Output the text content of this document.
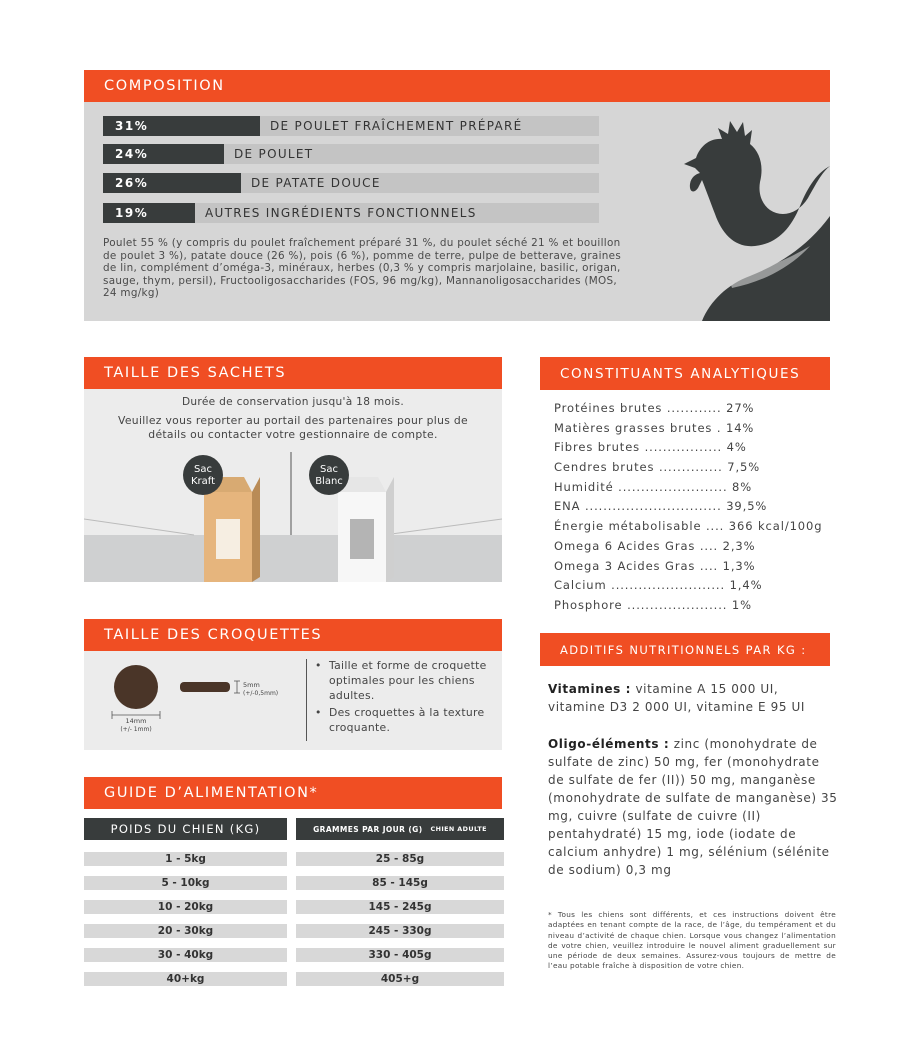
COMPOSITION
31%	DE POULET FRAÎCHEMENT PRÉPARÉ
24%	DE POULET
26%	DE PATATE DOUCE
19%	AUTRES INGRÉDIENTS FONCTIONNELS

Poulet 55 % (y compris du poulet fraîchement préparé 31 %, du poulet séché 21 % et bouillon de poulet 3 %), patate douce (26 %), pois (6 %), pomme de terre, pulpe de betterave, graines de lin, complément d’oméga-3, minéraux, herbes (0,3 % y compris marjolaine, basilic, origan, sauge, thym, persil), Fructooligosaccharides (FOS, 96 mg/kg), Mannanoligosaccharides (MOS, 24 mg/kg)

TAILLE DES SACHETS
Durée de conservation jusqu'à 18 mois.
Veuillez vous reporter au portail des partenaires pour plus de détails ou contacter votre gestionnaire de compte.
Sac
Kraft
Sac
Blanc
TAILLE DES CROQUETTES
14mm
(+/- 1mm)
5mm
(+/-0,5mm)
• Taille et forme de croquette optimales pour les chiens adultes.
• Des croquettes à la texture croquante.
GUIDE D’ALIMENTATION*
POIDS DU CHIEN (KG)	GRAMMES PAR JOUR (G) CHIEN ADULTE
1 - 5kg	25 - 85g
5 - 10kg	85 - 145g
10 - 20kg	145 - 245g
20 - 30kg	245 - 330g
30 - 40kg	330 - 405g
40+kg	405+g
CONSTITUANTS ANALYTIQUES
Protéines brutes ............ 27%
Matières grasses brutes . 14%
Fibres brutes ................. 4%
Cendres brutes .............. 7,5%
Humidité ........................ 8%
ENA .............................. 39,5%
Énergie métabolisable .... 366 kcal/100g
Omega 6 Acides Gras .... 2,3%
Omega 3 Acides Gras .... 1,3%
Calcium ......................... 1,4%
Phosphore ...................... 1%
ADDITIFS NUTRITIONNELS PAR KG :

Vitamines : vitamine A 15 000 UI, vitamine D3 2 000 UI, vitamine E 95 UI

Oligo-éléments : zinc (monohydrate de sulfate de zinc) 50 mg, fer (monohydrate de sulfate de fer (II)) 50 mg, manganèse (monohydrate de sulfate de manganèse) 35 mg, cuivre (sulfate de cuivre (II) pentahydraté) 15 mg, iode (iodate de calcium anhydre) 1 mg, sélénium (sélénite de sodium) 0,3 mg

* Tous les chiens sont différents, et ces instructions doivent être adaptées en tenant compte de la race, de l’âge, du tempérament et du niveau d’activité de chaque chien. Lorsque vous changez l’alimentation de votre chien, veuillez introduire le nouvel aliment graduellement sur une période de deux semaines. Assurez-vous toujours de mettre de l’eau potable fraîche à disposition de votre chien.
